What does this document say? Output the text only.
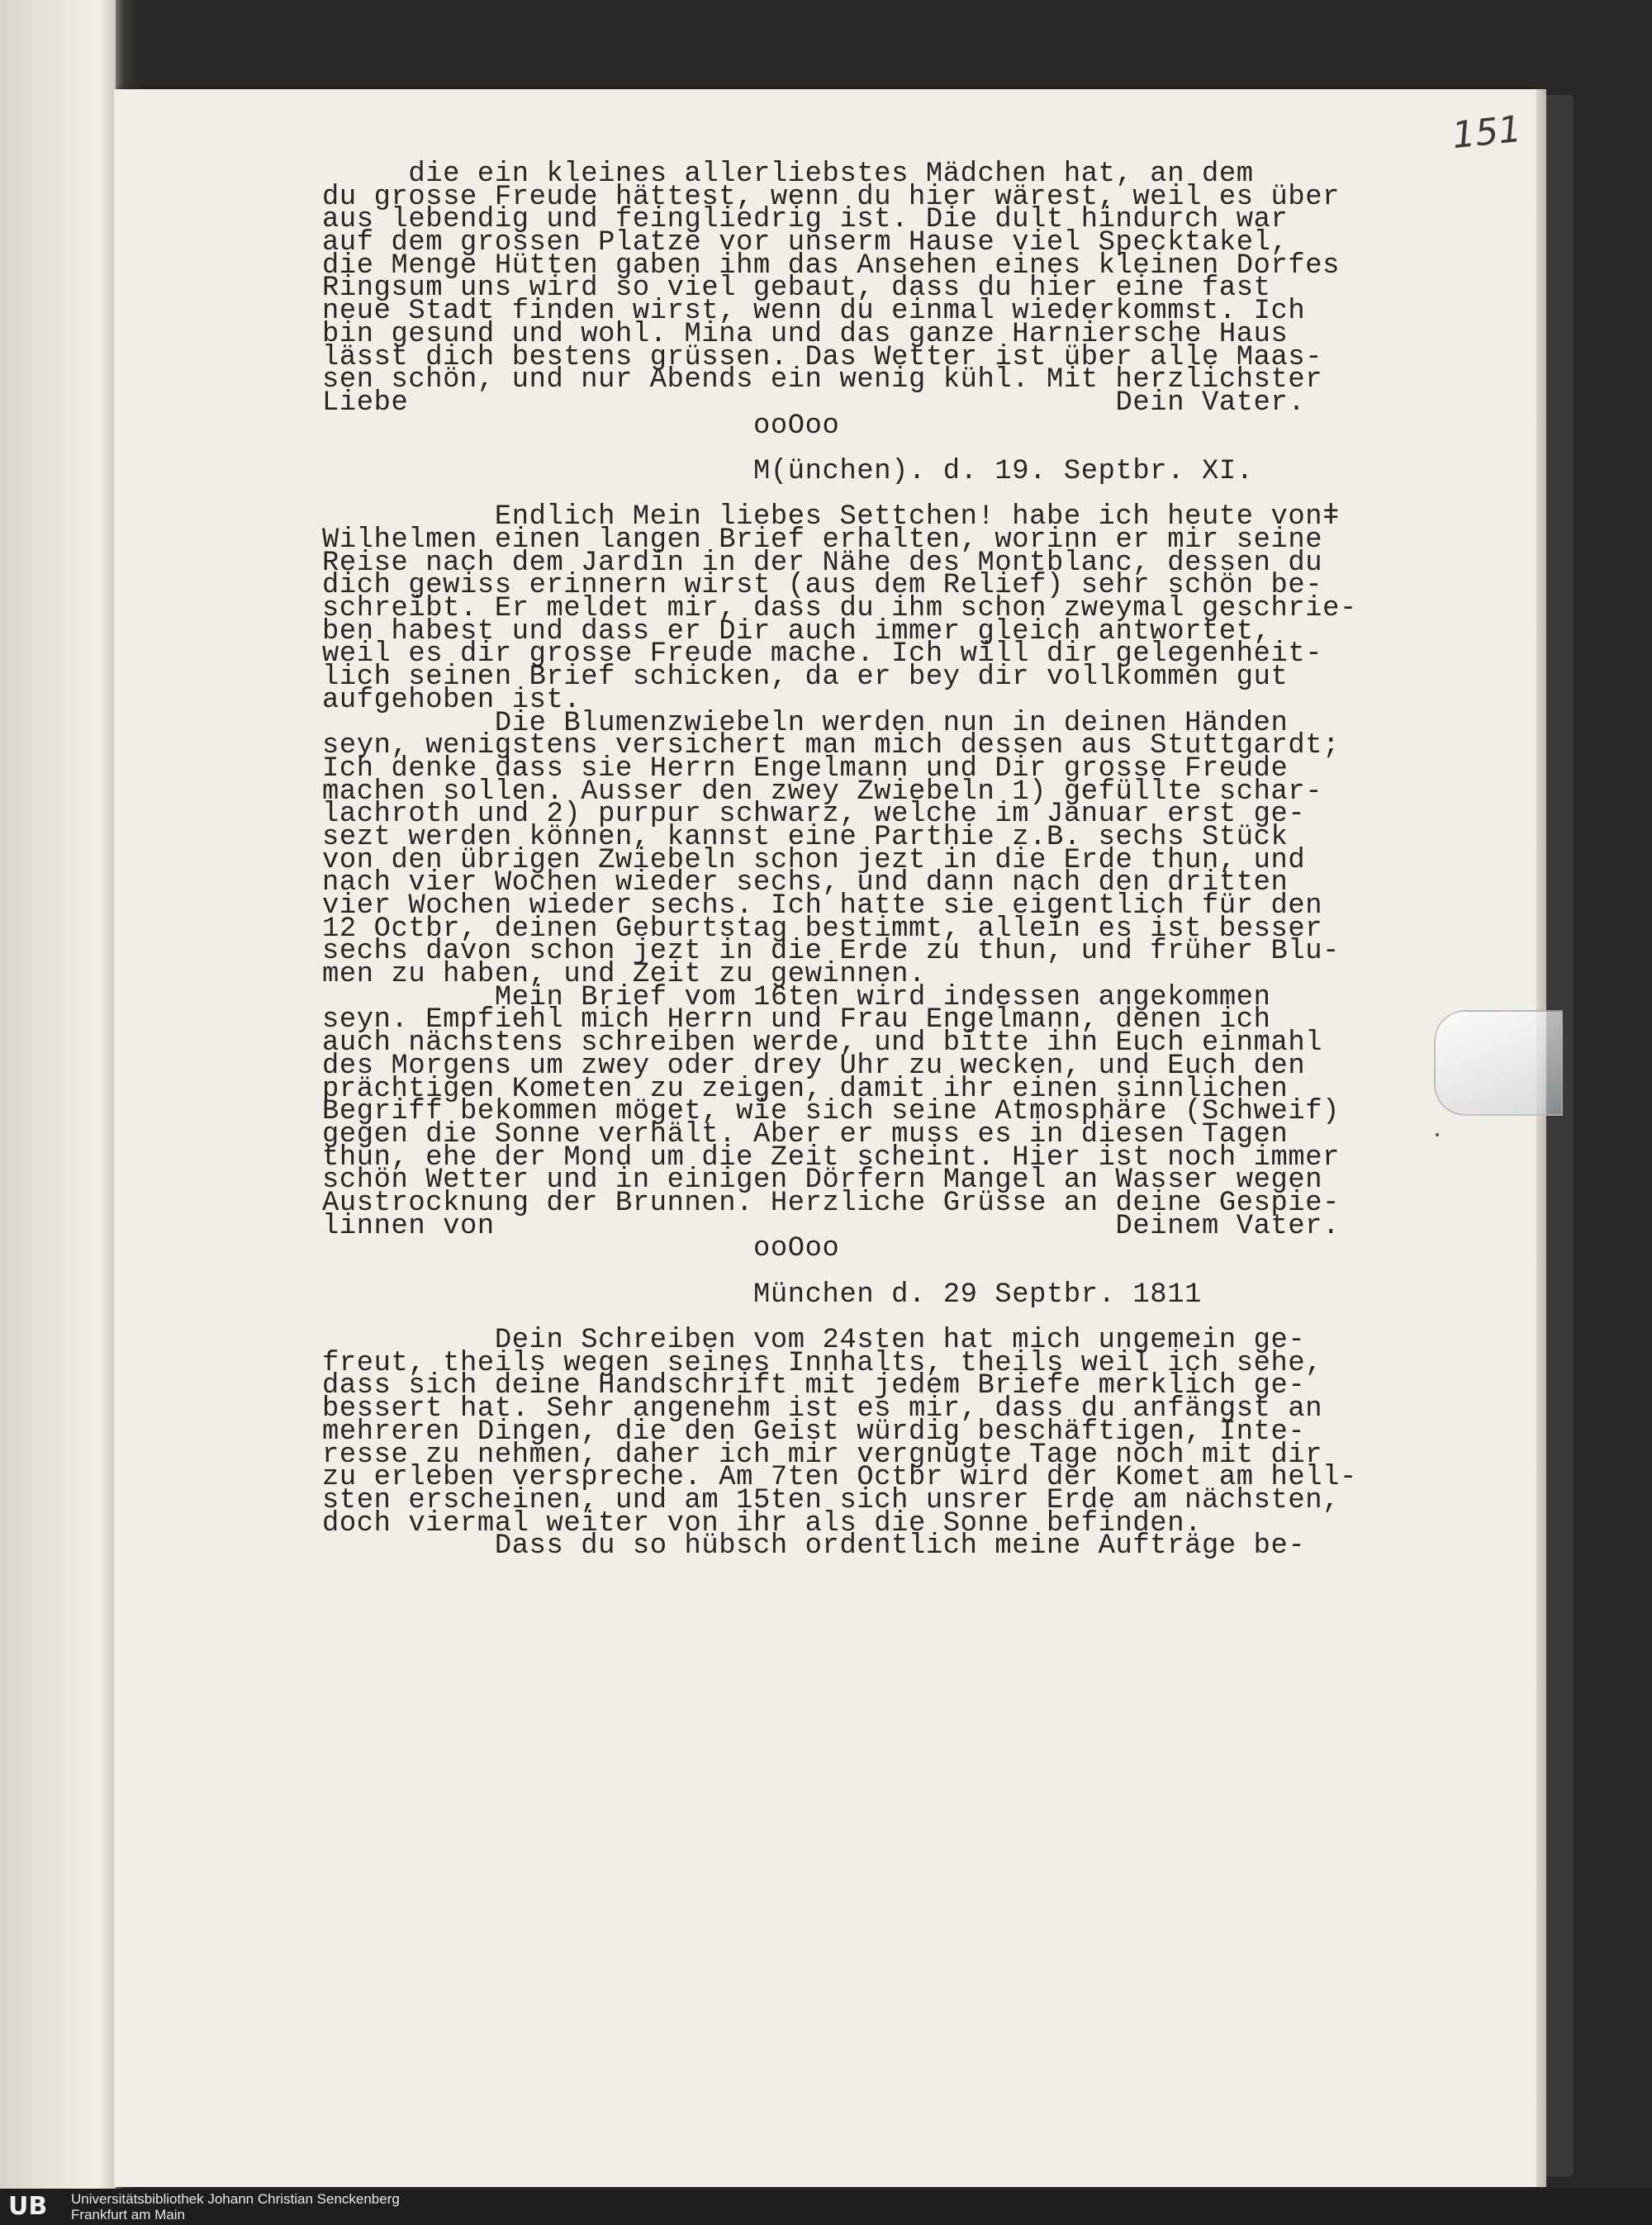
151
die ein kleines allerliebstes Mädchen hat, an dem
du grosse Freude hättest, wenn du hier wärest, weil es über
aus lebendig und feingliedrig ist. Die dult hindurch war
auf dem grossen Platze vor unserm Hause viel Specktakel,
die Menge Hütten gaben ihm das Ansehen eines kleinen Dorfes
Ringsum uns wird so viel gebaut, dass du hier eine fast
neue Stadt finden wirst, wenn du einmal wiederkommst. Ich
bin gesund und wohl. Mina und das ganze Harniersche Haus
lässt dich bestens grüssen. Das Wetter ist über alle Maas-
sen schön, und nur Abends ein wenig kühl. Mit herzlichster
Liebe                                         Dein Vater.
ooOoo
M(ünchen). d. 19. Septbr. XI.
Endlich Mein liebes Settchen! habe ich heute vonǂ
Wilhelmen einen langen Brief erhalten, worinn er mir seine
Reise nach dem Jardin in der Nähe des Montblanc, dessen du
dich gewiss erinnern wirst (aus dem Relief) sehr schön be-
schreibt. Er meldet mir, dass du ihm schon zweymal geschrie-
ben habest und dass er Dir auch immer gleich antwortet,
weil es dir grosse Freude mache. Ich will dir gelegenheit-
lich seinen Brief schicken, da er bey dir vollkommen gut
aufgehoben ist.
Die Blumenzwiebeln werden nun in deinen Händen
seyn, wenigstens versichert man mich dessen aus Stuttgardt;
Ich denke dass sie Herrn Engelmann und Dir grosse Freude
machen sollen. Ausser den zwey Zwiebeln 1) gefüllte schar-
lachroth und 2) purpur schwarz, welche im Januar erst ge-
sezt werden können, kannst eine Parthie z.B. sechs Stück
von den übrigen Zwiebeln schon jezt in die Erde thun, und
nach vier Wochen wieder sechs, und dann nach den dritten
vier Wochen wieder sechs. Ich hatte sie eigentlich für den
12 Octbr, deinen Geburtstag bestimmt, allein es ist besser
sechs davon schon jezt in die Erde zu thun, und früher Blu-
men zu haben, und Zeit zu gewinnen.
Mein Brief vom 16ten wird indessen angekommen
seyn. Empfiehl mich Herrn und Frau Engelmann, denen ich
auch nächstens schreiben werde, und bitte ihn Euch einmahl
des Morgens um zwey oder drey Uhr zu wecken, und Euch den
prächtigen Kometen zu zeigen, damit ihr einen sinnlichen
Begriff bekommen möget, wie sich seine Atmosphäre (Schweif)
gegen die Sonne verhält. Aber er muss es in diesen Tagen
thun, ehe der Mond um die Zeit scheint. Hier ist noch immer
schön Wetter und in einigen Dörfern Mangel an Wasser wegen
Austrocknung der Brunnen. Herzliche Grüsse an deine Gespie-
linnen von                                    Deinem Vater.
ooOoo
München d. 29 Septbr. 1811
Dein Schreiben vom 24sten hat mich ungemein ge-
freut, theils wegen seines Innhalts, theils weil ich sehe,
dass sich deine Handschrift mit jedem Briefe merklich ge-
bessert hat. Sehr angenehm ist es mir, dass du anfängst an
mehreren Dingen, die den Geist würdig beschäftigen, Inte-
resse zu nehmen, daher ich mir vergnügte Tage noch mit dir
zu erleben verspreche. Am 7ten Octbr wird der Komet am hell-
sten erscheinen, und am 15ten sich unsrer Erde am nächsten,
doch viermal weiter von ihr als die Sonne befinden.
Dass du so hübsch ordentlich meine Aufträge be-
UB	Universitätsbibliothek Johann Christian Senckenberg
Frankfurt am Main
